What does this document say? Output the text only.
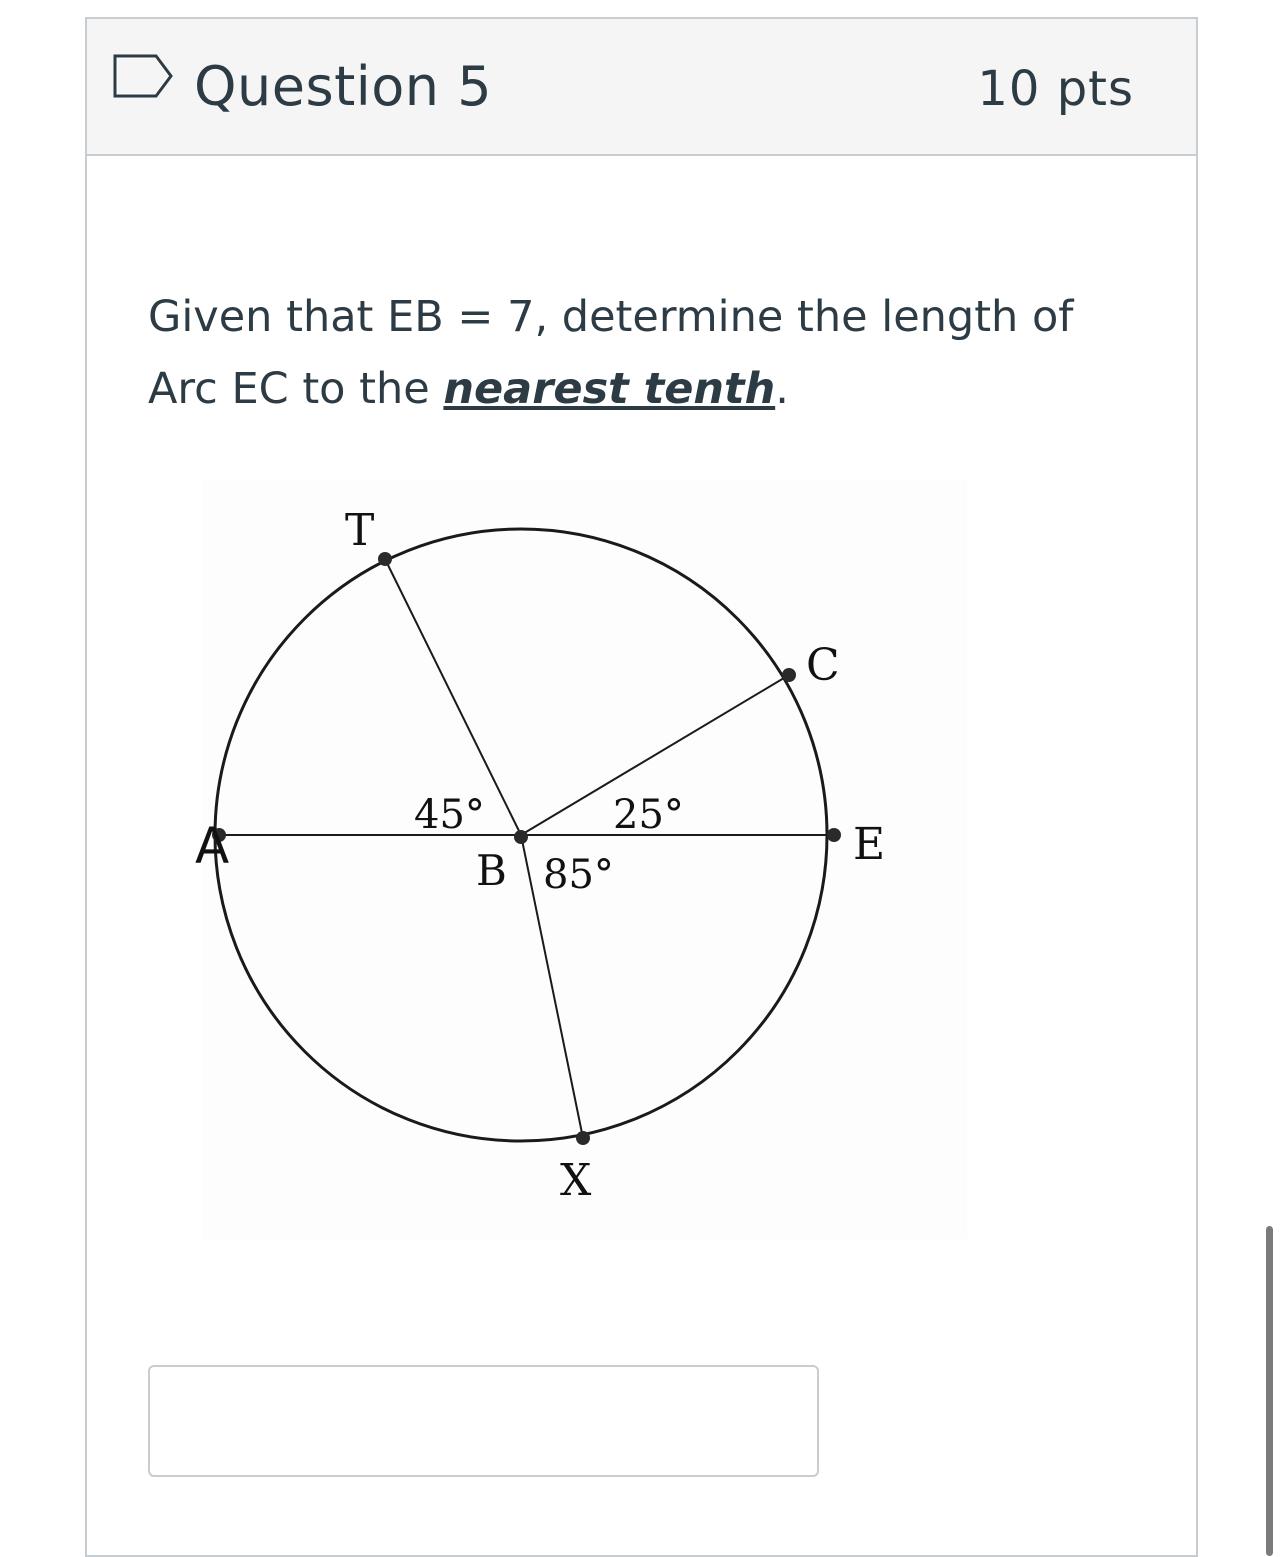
Question 5	10 pts

Given that EB = 7, determine the length of Arc EC to the nearest tenth.

T
C
A	E
B
X
45°	25°
85°
